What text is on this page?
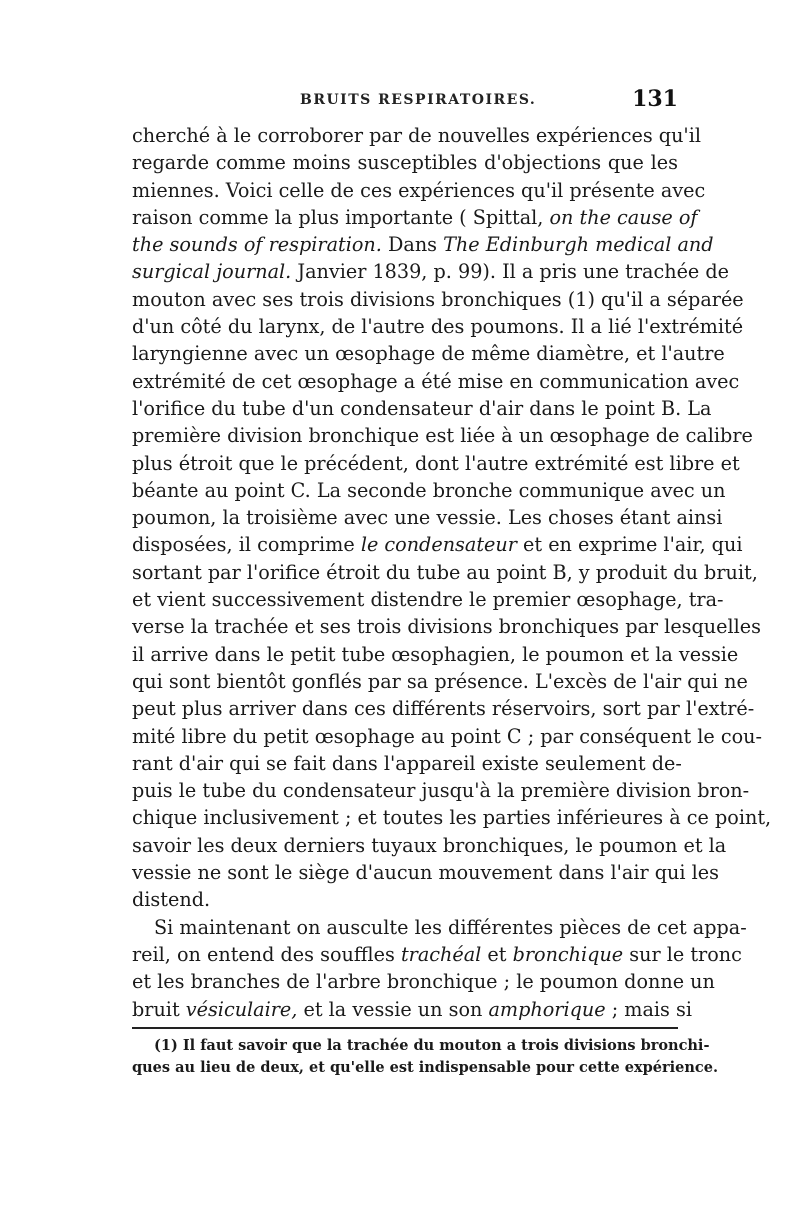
BRUITS RESPIRATOIRES.	131
cherché à le corroborer par de nouvelles expériences qu'il
regarde comme moins susceptibles d'objections que les
miennes. Voici celle de ces expériences qu'il présente avec
raison comme la plus importante ( Spittal, on the cause of
the sounds of respiration. Dans The Edinburgh medical and
surgical journal. Janvier 1839, p. 99). Il a pris une trachée de
mouton avec ses trois divisions bronchiques (1) qu'il a séparée
d'un côté du larynx, de l'autre des poumons. Il a lié l'extrémité
laryngienne avec un œsophage de même diamètre, et l'autre
extrémité de cet œsophage a été mise en communication avec
l'orifice du tube d'un condensateur d'air dans le point B. La
première division bronchique est liée à un œsophage de calibre
plus étroit que le précédent, dont l'autre extrémité est libre et
béante au point C. La seconde bronche communique avec un
poumon, la troisième avec une vessie. Les choses étant ainsi
disposées, il comprime le condensateur et en exprime l'air, qui
sortant par l'orifice étroit du tube au point B, y produit du bruit,
et vient successivement distendre le premier œsophage, tra-
verse la trachée et ses trois divisions bronchiques par lesquelles
il arrive dans le petit tube œsophagien, le poumon et la vessie
qui sont bientôt gonflés par sa présence. L'excès de l'air qui ne
peut plus arriver dans ces différents réservoirs, sort par l'extré-
mité libre du petit œsophage au point C ; par conséquent le cou-
rant d'air qui se fait dans l'appareil existe seulement de-
puis le tube du condensateur jusqu'à la première division bron-
chique inclusivement ; et toutes les parties inférieures à ce point,
savoir les deux derniers tuyaux bronchiques, le poumon et la
vessie ne sont le siège d'aucun mouvement dans l'air qui les
distend.
Si maintenant on ausculte les différentes pièces de cet appa-
reil, on entend des souffles trachéal et bronchique sur le tronc
et les branches de l'arbre bronchique ; le poumon donne un
bruit vésiculaire, et la vessie un son amphorique ; mais si
(1) Il faut savoir que la trachée du mouton a trois divisions bronchi-
ques au lieu de deux, et qu'elle est indispensable pour cette expérience.
